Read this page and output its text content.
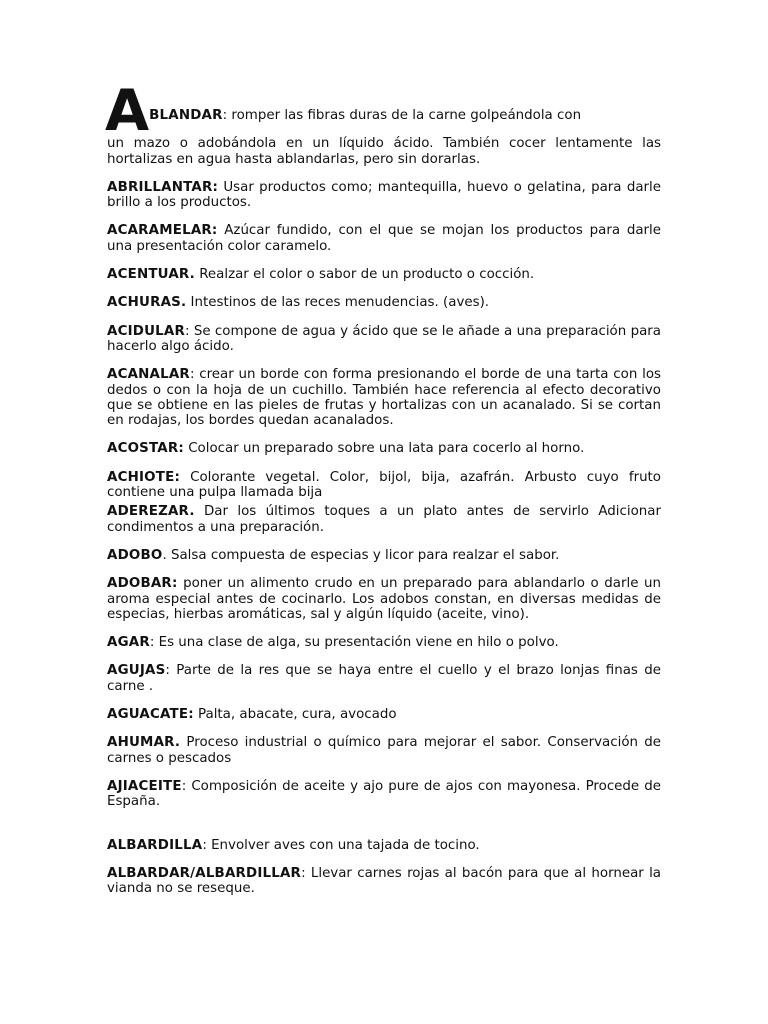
A BLANDAR: romper las fibras duras de la carne golpeándola con
un mazo o adobándola en un líquido ácido. También cocer lentamente las hortalizas en agua hasta ablandarlas, pero sin dorarlas.

ABRILLANTAR: Usar productos como; mantequilla, huevo o gelatina, para darle brillo a los productos.

ACARAMELAR: Azúcar fundido, con el que se mojan los productos para darle una presentación color caramelo.

ACENTUAR. Realzar el color o sabor de un producto o cocción.

ACHURAS. Intestinos de las reces menudencias. (aves).

ACIDULAR: Se compone de agua y ácido que se le añade a una preparación para hacerlo algo ácido.

ACANALAR: crear un borde con forma presionando el borde de una tarta con los dedos o con la hoja de un cuchillo. También hace referencia al efecto decorativo que se obtiene en las pieles de frutas y hortalizas con un acanalado. Si se cortan en rodajas, los bordes quedan acanalados.

ACOSTAR: Colocar un preparado sobre una lata para cocerlo al horno.

ACHIOTE: Colorante vegetal. Color, bijol, bija, azafrán. Arbusto cuyo fruto contiene una pulpa llamada bija

ADEREZAR. Dar los últimos toques a un plato antes de servirlo Adicionar condimentos a una preparación.

ADOBO. Salsa compuesta de especias y licor para realzar el sabor.

ADOBAR: poner un alimento crudo en un preparado para ablandarlo o darle un aroma especial antes de cocinarlo. Los adobos constan, en diversas medidas de especias, hierbas aromáticas, sal y algún líquido (aceite, vino).

AGAR: Es una clase de alga, su presentación viene en hilo o polvo.

AGUJAS: Parte de la res que se haya entre el cuello y el brazo lonjas finas de carne .

AGUACATE: Palta, abacate, cura, avocado

AHUMAR. Proceso industrial o químico para mejorar el sabor. Conservación de carnes o pescados

AJIACEITE: Composición de aceite y ajo pure de ajos con mayonesa. Procede de España.

ALBARDILLA: Envolver aves con una tajada de tocino.

ALBARDAR/ALBARDILLAR: Llevar carnes rojas al bacón para que al hornear la vianda no se reseque.
